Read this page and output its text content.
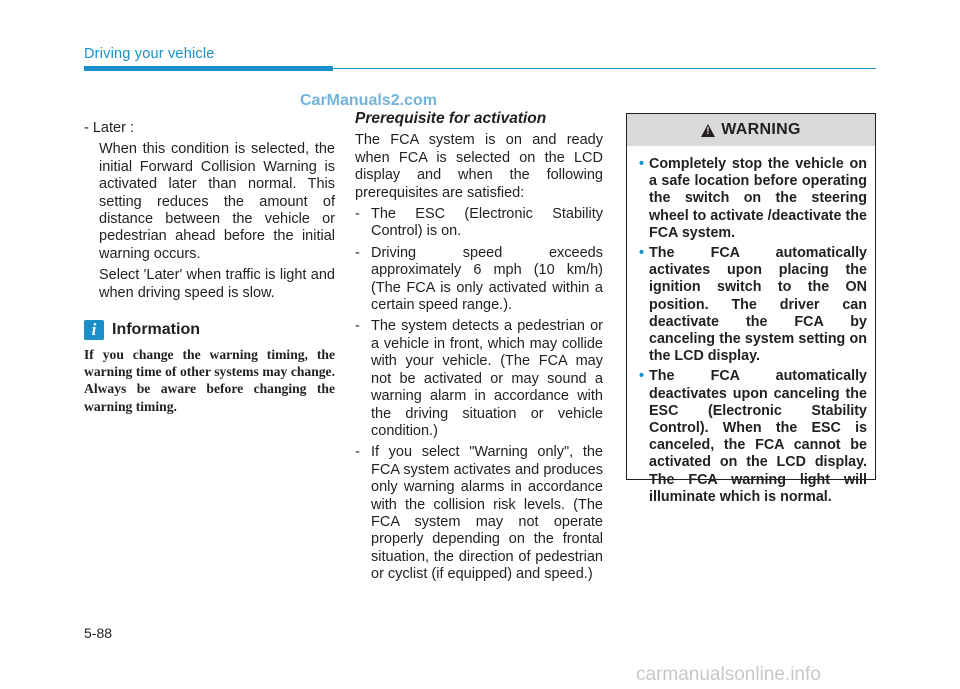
Driving your vehicle
CarManuals2.com
- Later :
When this condition is selected, the initial Forward Collision Warning is activated later than normal. This setting reduces the amount of distance between the vehicle or pedestrian ahead before the initial warning occurs.
Select 'Later' when traffic is light and when driving speed is slow.
i Information
If you change the warning timing, the warning time of other systems may change. Always be aware before changing the warning timing.
Prerequisite for activation
The FCA system is on and ready when FCA is selected on the LCD display and when the following prerequisites are satisfied:
- The ESC (Electronic Stability Control) is on.
- Driving speed exceeds approximately 6 mph (10 km/h) (The FCA is only activated within a certain speed range.).
- The system detects a pedestrian or a vehicle in front, which may collide with your vehicle. (The FCA may not be activated or may sound a warning alarm in accordance with the driving situation or vehicle condition.)
- If you select "Warning only", the FCA system activates and produces only warning alarms in accordance with the collision risk levels. (The FCA system may not operate properly depending on the frontal situation, the direction of pedestrian or cyclist (if equipped) and speed.)
! WARNING
• Completely stop the vehicle on a safe location before operating the switch on the steering wheel to activate /deactivate the FCA system.
• The FCA automatically activates upon placing the ignition switch to the ON position. The driver can deactivate the FCA by canceling the system setting on the LCD display.
• The FCA automatically deactivates upon canceling the ESC (Electronic Stability Control). When the ESC is canceled, the FCA cannot be activated on the LCD display. The FCA warning light will illuminate which is normal.
5-88
carmanualsonline.info
